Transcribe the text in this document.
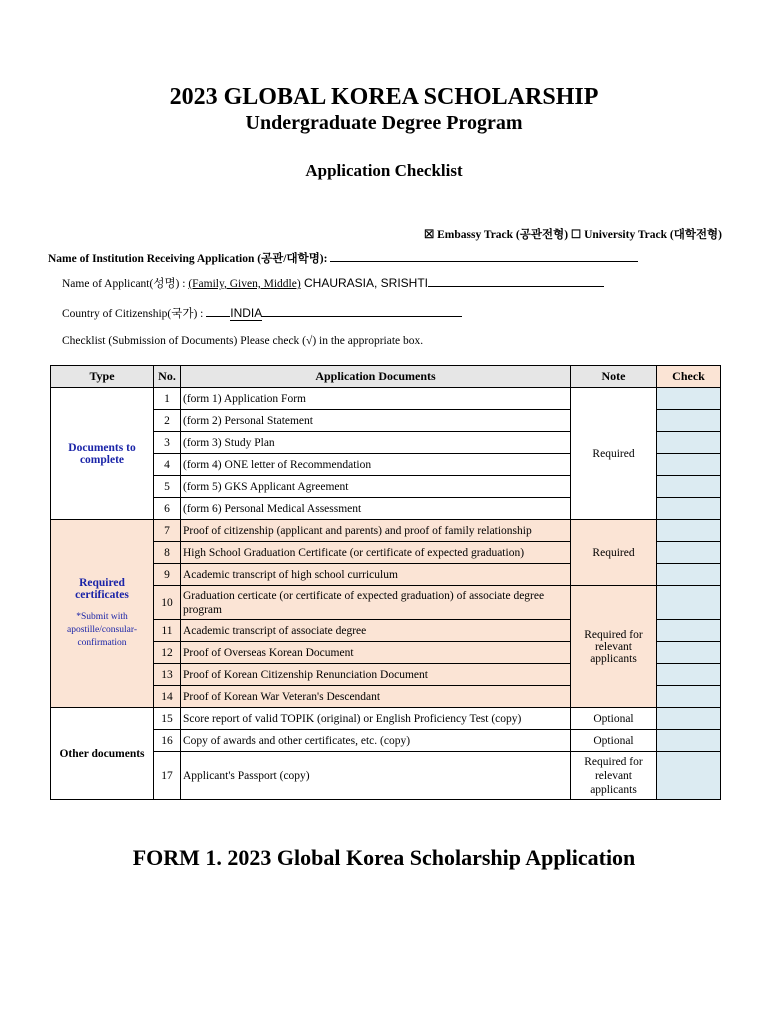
2023 GLOBAL KOREA SCHOLARSHIP
Undergraduate Degree Program
Application Checklist
☒ Embassy Track (공관전형) ☐ University Track (대학전형)
Name of Institution Receiving Application (공관/대학명):
Name of Applicant(성명) : (Family, Given, Middle) CHAURASIA, SRISHTI
Country of Citizenship(국가) : INDIA
Checklist (Submission of Documents) Please check (√) in the appropriate box.
Type	No.	Application Documents	Note	Check
Documents to complete	1	(form 1) Application Form	Required	
	2	(form 2) Personal Statement		
	3	(form 3) Study Plan		
	4	(form 4) ONE letter of Recommendation		
	5	(form 5) GKS Applicant Agreement		
	6	(form 6) Personal Medical Assessment		
Required certificates
*Submit with apostille/consular-confirmation	7	Proof of citizenship (applicant and parents) and proof of family relationship	Required	
	8	High School Graduation Certificate (or certificate of expected graduation)		
	9	Academic transcript of high school curriculum		
	10	Graduation certicate (or certificate of expected graduation) of associate degree program	Required for relevant applicants	
	11	Academic transcript of associate degree		
	12	Proof of Overseas Korean Document		
	13	Proof of Korean Citizenship Renunciation Document		
	14	Proof of Korean War Veteran's Descendant		
Other documents	15	Score report of valid TOPIK (original) or English Proficiency Test (copy)	Optional	
	16	Copy of awards and other certificates, etc. (copy)	Optional	
	17	Applicant's Passport (copy)	Required for relevant applicants	
FORM 1. 2023 Global Korea Scholarship Application
